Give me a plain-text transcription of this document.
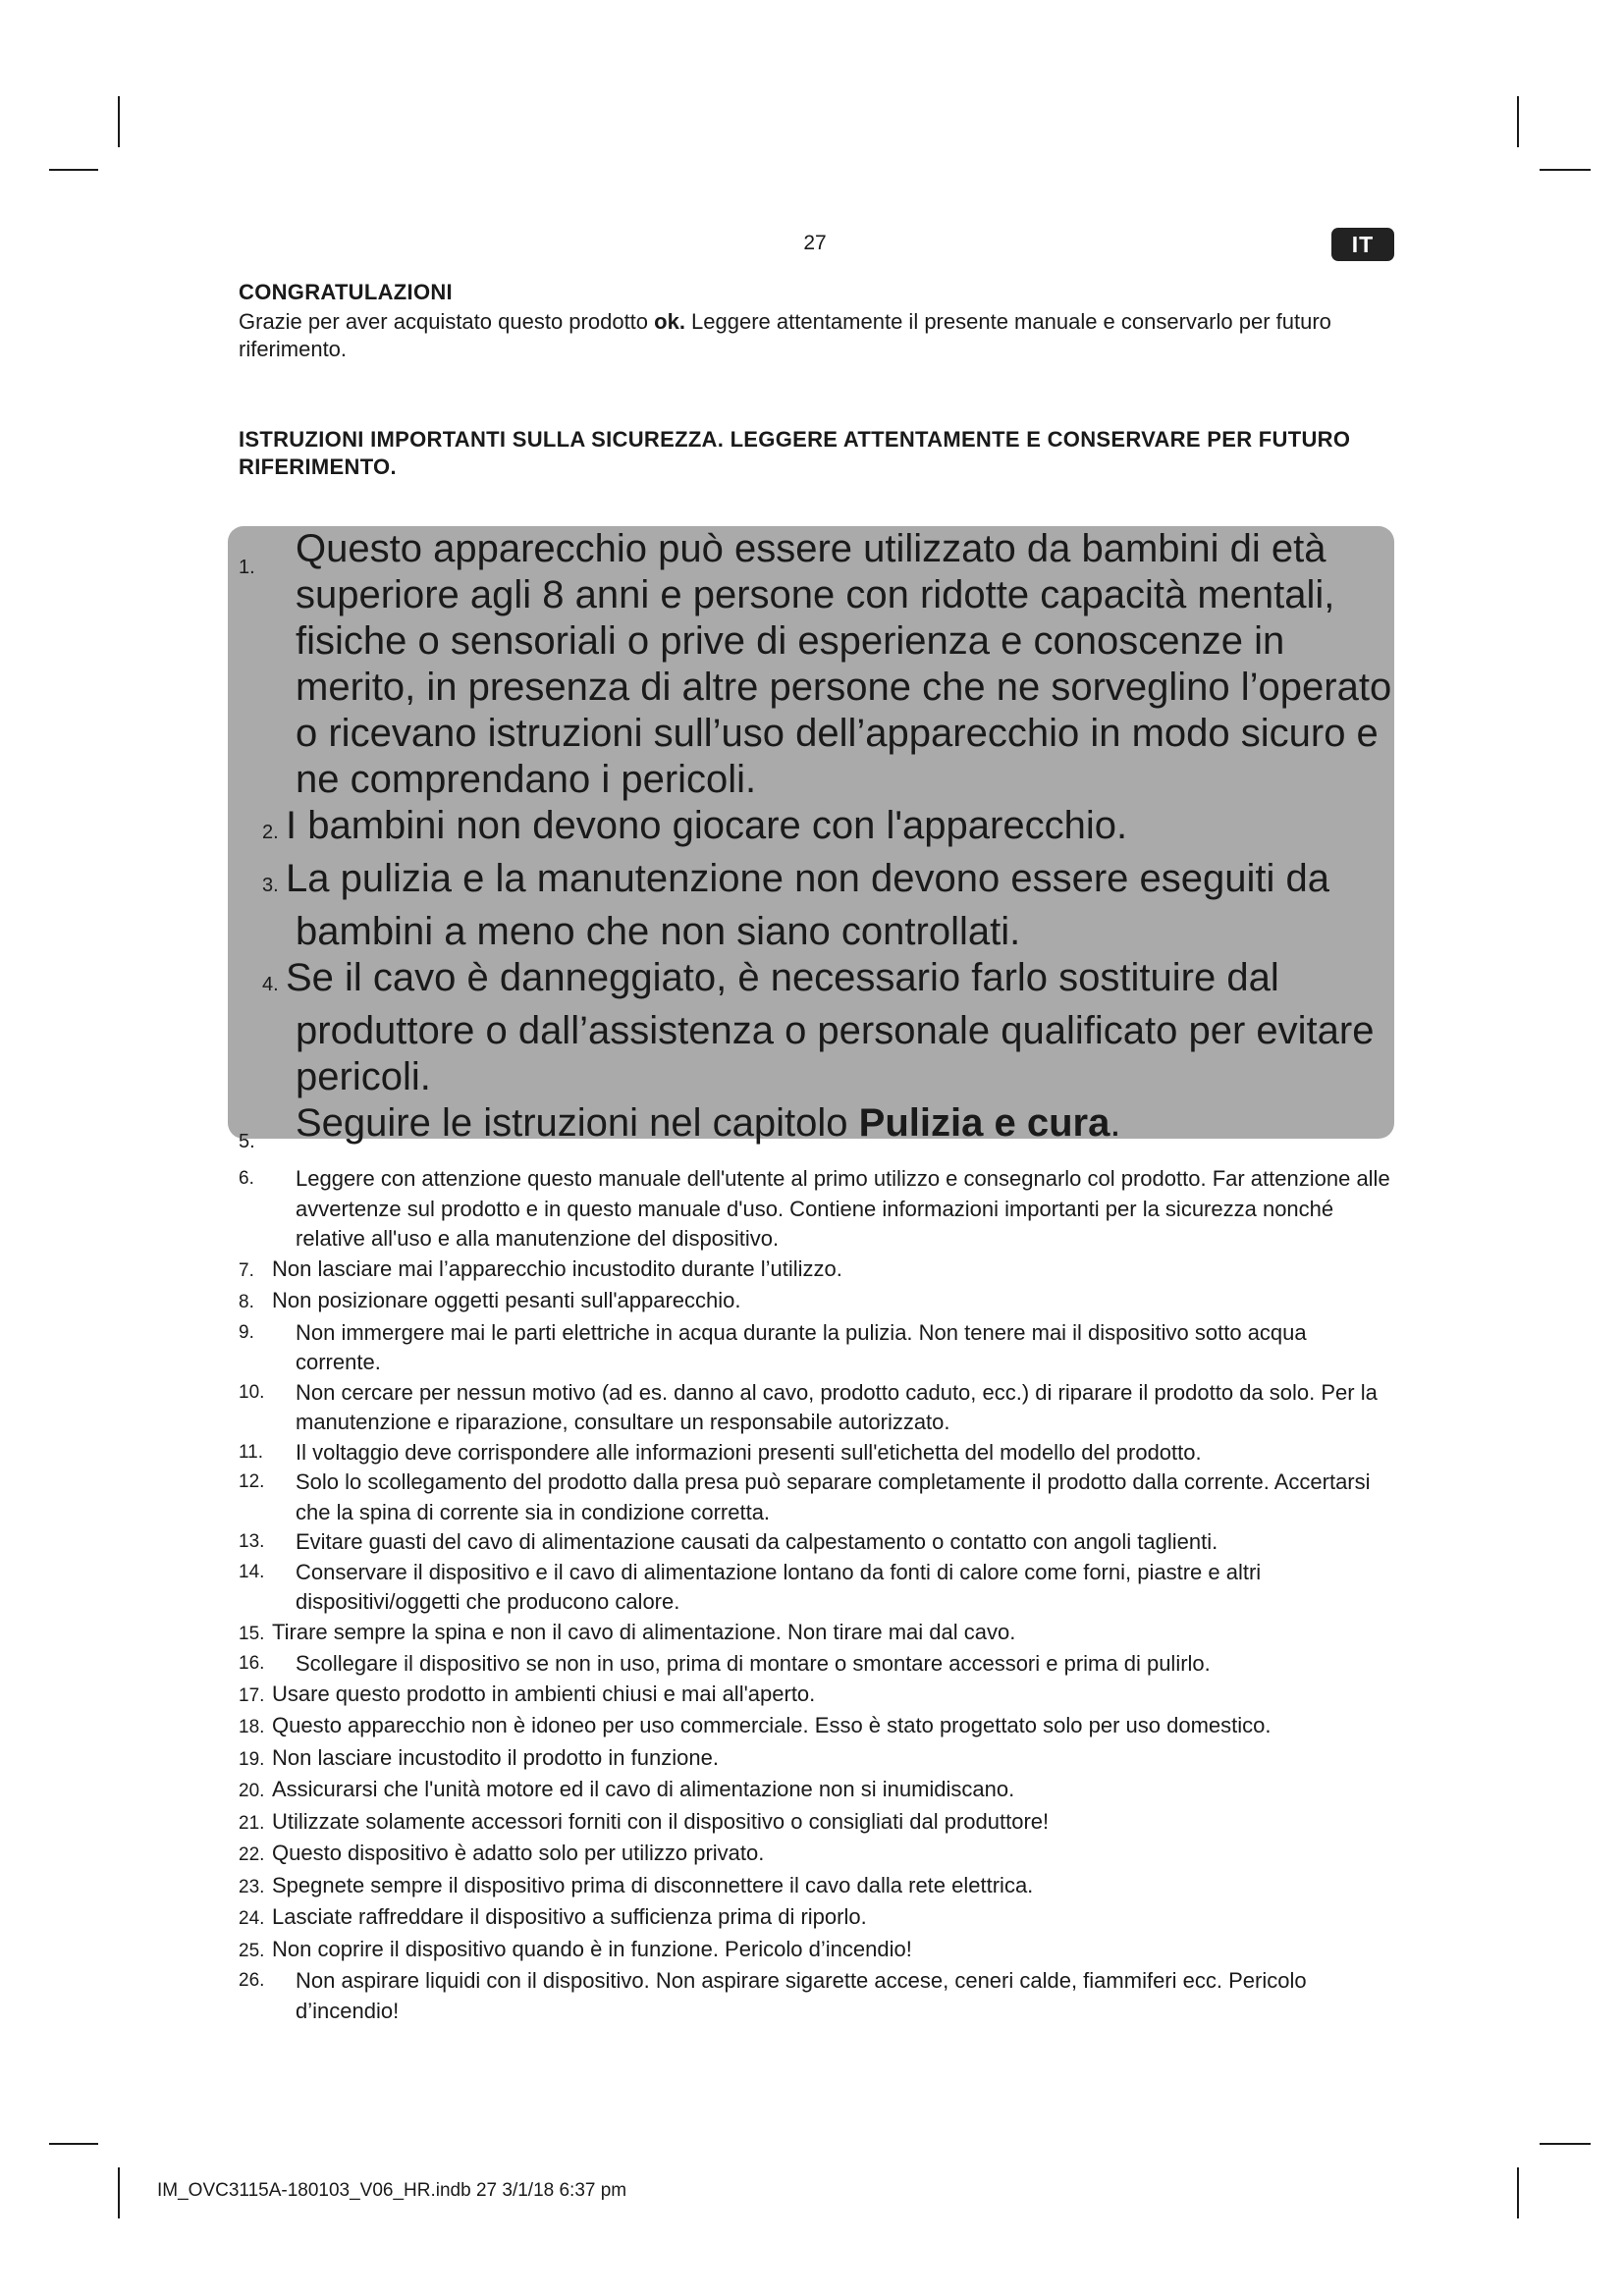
27	IT

CONGRATULAZIONI

Grazie per aver acquistato questo prodotto ok. Leggere attentamente il presente manuale e conservarlo per futuro riferimento.

ISTRUZIONI IMPORTANTI SULLA SICUREZZA. LEGGERE ATTENTAMENTE E CONSERVARE PER FUTURO RIFERIMENTO.

1. Questo apparecchio può essere utilizzato da bambini di età superiore agli 8 anni e persone con ridotte capacità mentali, fisiche o sensoriali o prive di esperienza e conoscenze in merito, in presenza di altre persone che ne sorveglino l’operato o ricevano istruzioni sull’uso dell’apparecchio in modo sicuro e ne comprendano i pericoli.
2. I bambini non devono giocare con l'apparecchio.
3. La pulizia e la manutenzione non devono essere eseguiti da bambini a meno che non siano controllati.
4. Se il cavo è danneggiato, è necessario farlo sostituire dal produttore o dall’assistenza o personale qualificato per evitare pericoli.
5. Seguire le istruzioni nel capitolo Pulizia e cura.
6. Leggere con attenzione questo manuale dell'utente al primo utilizzo e consegnarlo col prodotto. Far attenzione alle avvertenze sul prodotto e in questo manuale d'uso. Contiene informazioni importanti per la sicurezza nonché relative all'uso e alla manutenzione del dispositivo.
7. Non lasciare mai l’apparecchio incustodito durante l’utilizzo.
8. Non posizionare oggetti pesanti sull'apparecchio.
9. Non immergere mai le parti elettriche in acqua durante la pulizia. Non tenere mai il dispositivo sotto acqua corrente.
10. Non cercare per nessun motivo (ad es. danno al cavo, prodotto caduto, ecc.) di riparare il prodotto da solo. Per la manutenzione e riparazione, consultare un responsabile autorizzato.
11. Il voltaggio deve corrispondere alle informazioni presenti sull'etichetta del modello del prodotto.
12. Solo lo scollegamento del prodotto dalla presa può separare completamente il prodotto dalla corrente. Accertarsi che la spina di corrente sia in condizione corretta.
13. Evitare guasti del cavo di alimentazione causati da calpestamento o contatto con angoli taglienti.
14. Conservare il dispositivo e il cavo di alimentazione lontano da fonti di calore come forni, piastre e altri dispositivi/oggetti che producono calore.
15. Tirare sempre la spina e non il cavo di alimentazione. Non tirare mai dal cavo.
16. Scollegare il dispositivo se non in uso, prima di montare o smontare accessori e prima di pulirlo.
17. Usare questo prodotto in ambienti chiusi e mai all'aperto.
18. Questo apparecchio non è idoneo per uso commerciale. Esso è stato progettato solo per uso domestico.
19. Non lasciare incustodito il prodotto in funzione.
20. Assicurarsi che l'unità motore ed il cavo di alimentazione non si inumidiscano.
21. Utilizzate solamente accessori forniti con il dispositivo o consigliati dal produttore!
22. Questo dispositivo è adatto solo per utilizzo privato.
23. Spegnete sempre il dispositivo prima di disconnettere il cavo dalla rete elettrica.
24. Lasciate raffreddare il dispositivo a sufficienza prima di riporlo.
25. Non coprire il dispositivo quando è in funzione. Pericolo d’incendio!
26. Non aspirare liquidi con il dispositivo. Non aspirare sigarette accese, ceneri calde, fiammiferi ecc. Pericolo d’incendio!
IM_OVC3115A-180103_V06_HR.indb 27 3/1/18 6:37 pm
